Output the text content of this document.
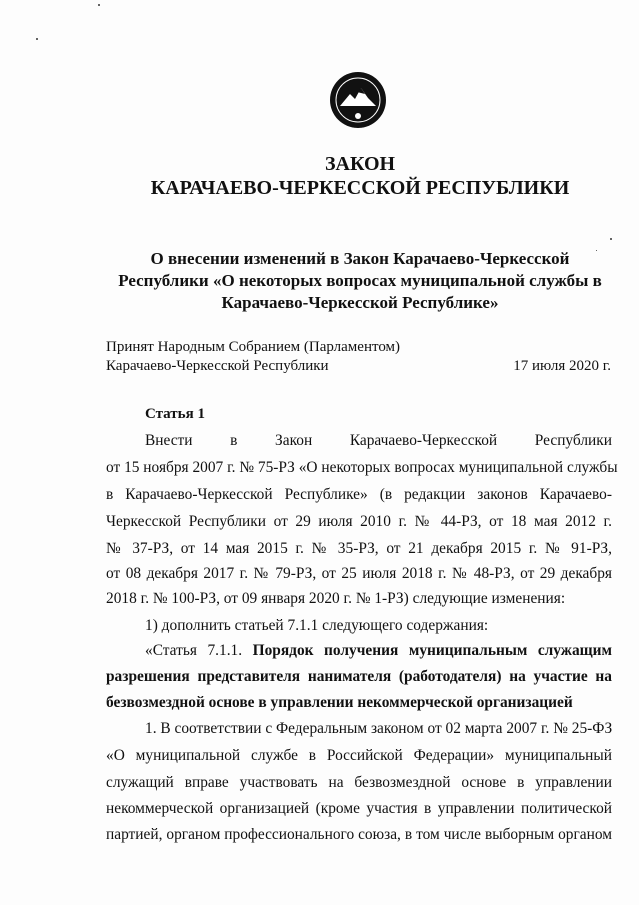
ЗАКОН
КАРАЧАЕВО-ЧЕРКЕССКОЙ РЕСПУБЛИКИ
О внесении изменений в Закон Карачаево-Черкесской
Республики «О некоторых вопросах муниципальной службы в
Карачаево-Черкесской Республике»
Принят Народным Собранием (Парламентом)
Карачаево-Черкесской Республики	17 июля 2020 г.
Статья 1
Внести в Закон Карачаево-Черкесской Республики
от 15 ноября 2007 г. № 75-РЗ «О некоторых вопросах муниципальной службы
в Карачаево-Черкесской Республике» (в редакции законов Карачаево-
Черкесской Республики от 29 июля 2010 г. № 44-РЗ, от 18 мая 2012 г.
№ 37-РЗ, от 14 мая 2015 г. № 35-РЗ, от 21 декабря 2015 г. № 91-РЗ,
от 08 декабря 2017 г. № 79-РЗ, от 25 июля 2018 г. № 48-РЗ, от 29 декабря
2018 г. № 100-РЗ, от 09 января 2020 г. № 1-РЗ) следующие изменения:
1) дополнить статьей 7.1.1 следующего содержания:
«Статья 7.1.1. Порядок получения муниципальным служащим
разрешения представителя нанимателя (работодателя) на участие на
безвозмездной основе в управлении некоммерческой организацией
1. В соответствии с Федеральным законом от 02 марта 2007 г. № 25-ФЗ
«О муниципальной службе в Российской Федерации» муниципальный
служащий вправе участвовать на безвозмездной основе в управлении
некоммерческой организацией (кроме участия в управлении политической
партией, органом профессионального союза, в том числе выборным органом
